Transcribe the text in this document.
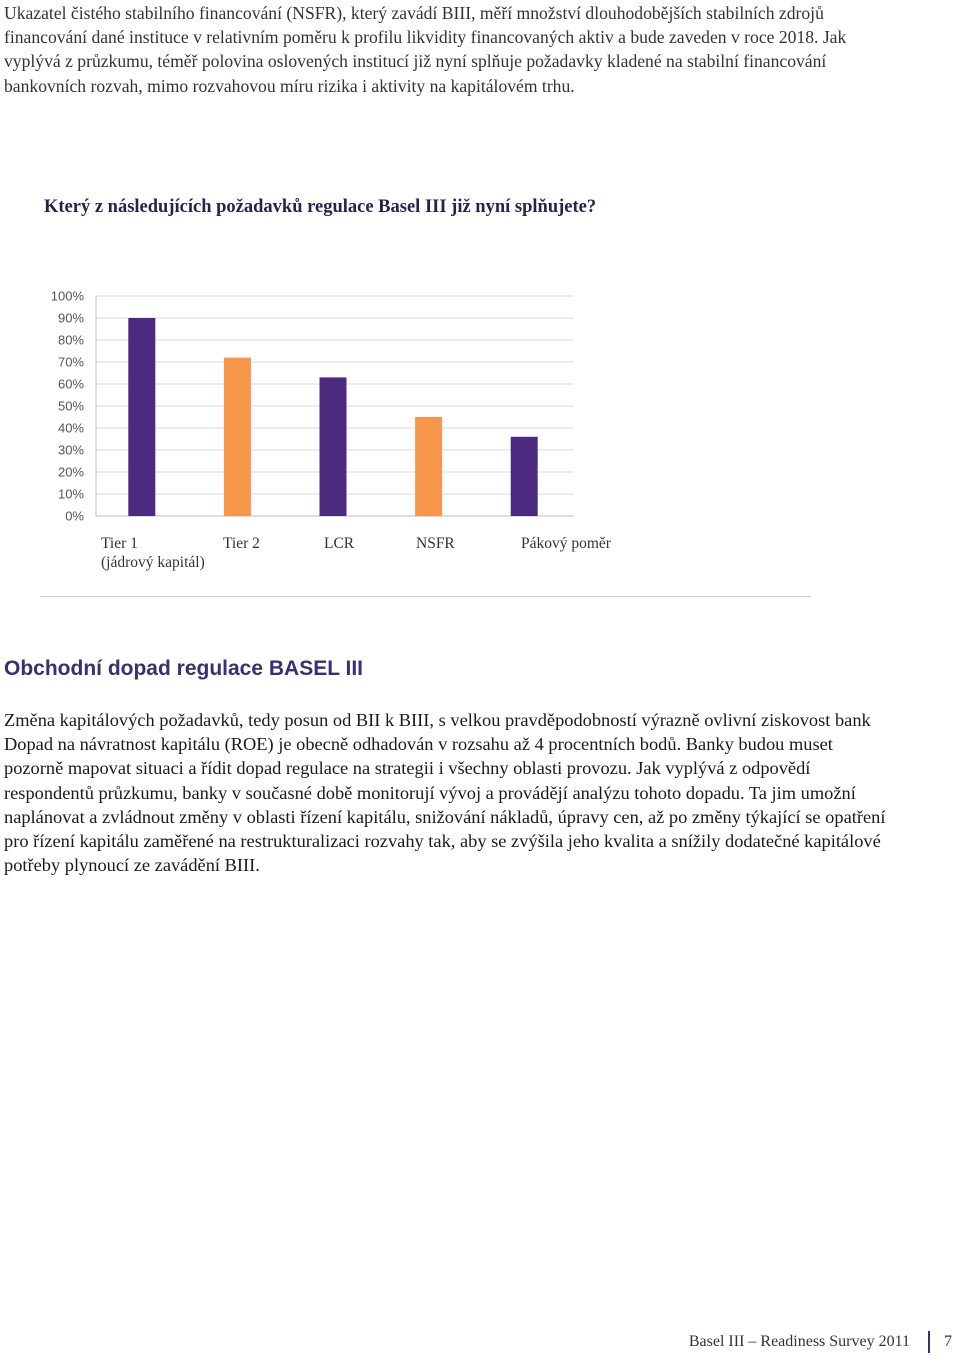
Ukazatel čistého stabilního financování (NSFR), který zavádí BIII, měří množství dlouhodobějších stabilních zdrojů financování dané instituce v relativním poměru k profilu likvidity financovaných aktiv a bude zaveden v roce 2018. Jak vyplývá z průzkumu, téměř polovina oslovených institucí již nyní splňuje požadavky kladené na stabilní financování bankovních rozvah, mimo rozvahovou míru rizika i aktivity na kapitálovém trhu.

Který z následujících požadavků regulace Basel III již nyní splňujete?
0%
10%
20%
30%
40%
50%
60%
70%
80%
90%
100%
Tier 1
(jádrový kapitál)
Tier 2	LCR	NSFR	Pákový poměr
Obchodní dopad regulace BASEL III

Změna kapitálových požadavků, tedy posun od BII k BIII, s velkou pravděpodobností výrazně ovlivní ziskovost bank Dopad na návratnost kapitálu (ROE) je obecně odhadován v rozsahu až 4 procentních bodů. Banky budou muset pozorně mapovat situaci a řídit dopad regulace na strategii i všechny oblasti provozu. Jak vyplývá z odpovědí respondentů průzkumu, banky v současné době monitorují vývoj a provádějí analýzu tohoto dopadu. Ta jim umožní naplánovat a zvládnout změny v oblasti řízení kapitálu, snižování nákladů, úpravy cen, až po změny týkající se opatření pro řízení kapitálu zaměřené na restrukturalizaci rozvahy tak, aby se zvýšila jeho kvalita a snížily dodatečné kapitálové potřeby plynoucí ze zavádění BIII.

Basel III – Readiness Survey 2011 7
